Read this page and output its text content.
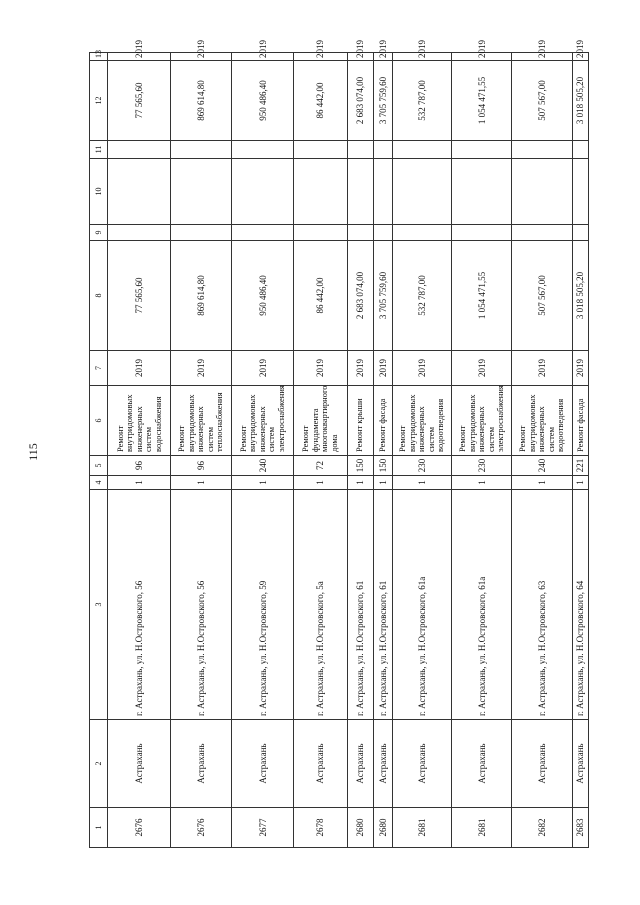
115
1	2	3	4	5	6	7	8	9	10	11	12	13
2676	Астрахань	г. Астрахань, ул. Н.Островского, 56	1	96	Ремонт внутридомовых инженерных систем водоснабжения	2019	77 565,60				77 565,60	2019
2676	Астрахань	г. Астрахань, ул. Н.Островского, 56	1	96	Ремонт внутридомовых инженерных систем теплоснабжения	2019	869 614,80				869 614,80	2019
2677	Астрахань	г. Астрахань, ул. Н.Островского, 59	1	240	Ремонт внутридомовых инженерных систем электроснабжения	2019	950 486,40				950 486,40	2019
2678	Астрахань	г. Астрахань, ул. Н.Островского, 5а	1	72	Ремонт фундамента многоквартирного дома	2019	86 442,00				86 442,00	2019
2680	Астрахань	г. Астрахань, ул. Н.Островского, 61	1	150	Ремонт крыши	2019	2 683 074,00				2 683 074,00	2019
2680	Астрахань	г. Астрахань, ул. Н.Островского, 61	1	150	Ремонт фасада	2019	3 705 759,60				3 705 759,60	2019
2681	Астрахань	г. Астрахань, ул. Н.Островского, 61а	1	230	Ремонт внутридомовых инженерных систем водоотведения	2019	532 787,00				532 787,00	2019
2681	Астрахань	г. Астрахань, ул. Н.Островского, 61а	1	230	Ремонт внутридомовых инженерных систем электроснабжения	2019	1 054 471,55				1 054 471,55	2019
2682	Астрахань	г. Астрахань, ул. Н.Островского, 63	1	240	Ремонт внутридомовых инженерных систем водоотведения	2019	507 567,00				507 567,00	2019
2683	Астрахань	г. Астрахань, ул. Н.Островского, 64	1	221	Ремонт фасада	2019	3 018 505,20				3 018 505,20	2019
